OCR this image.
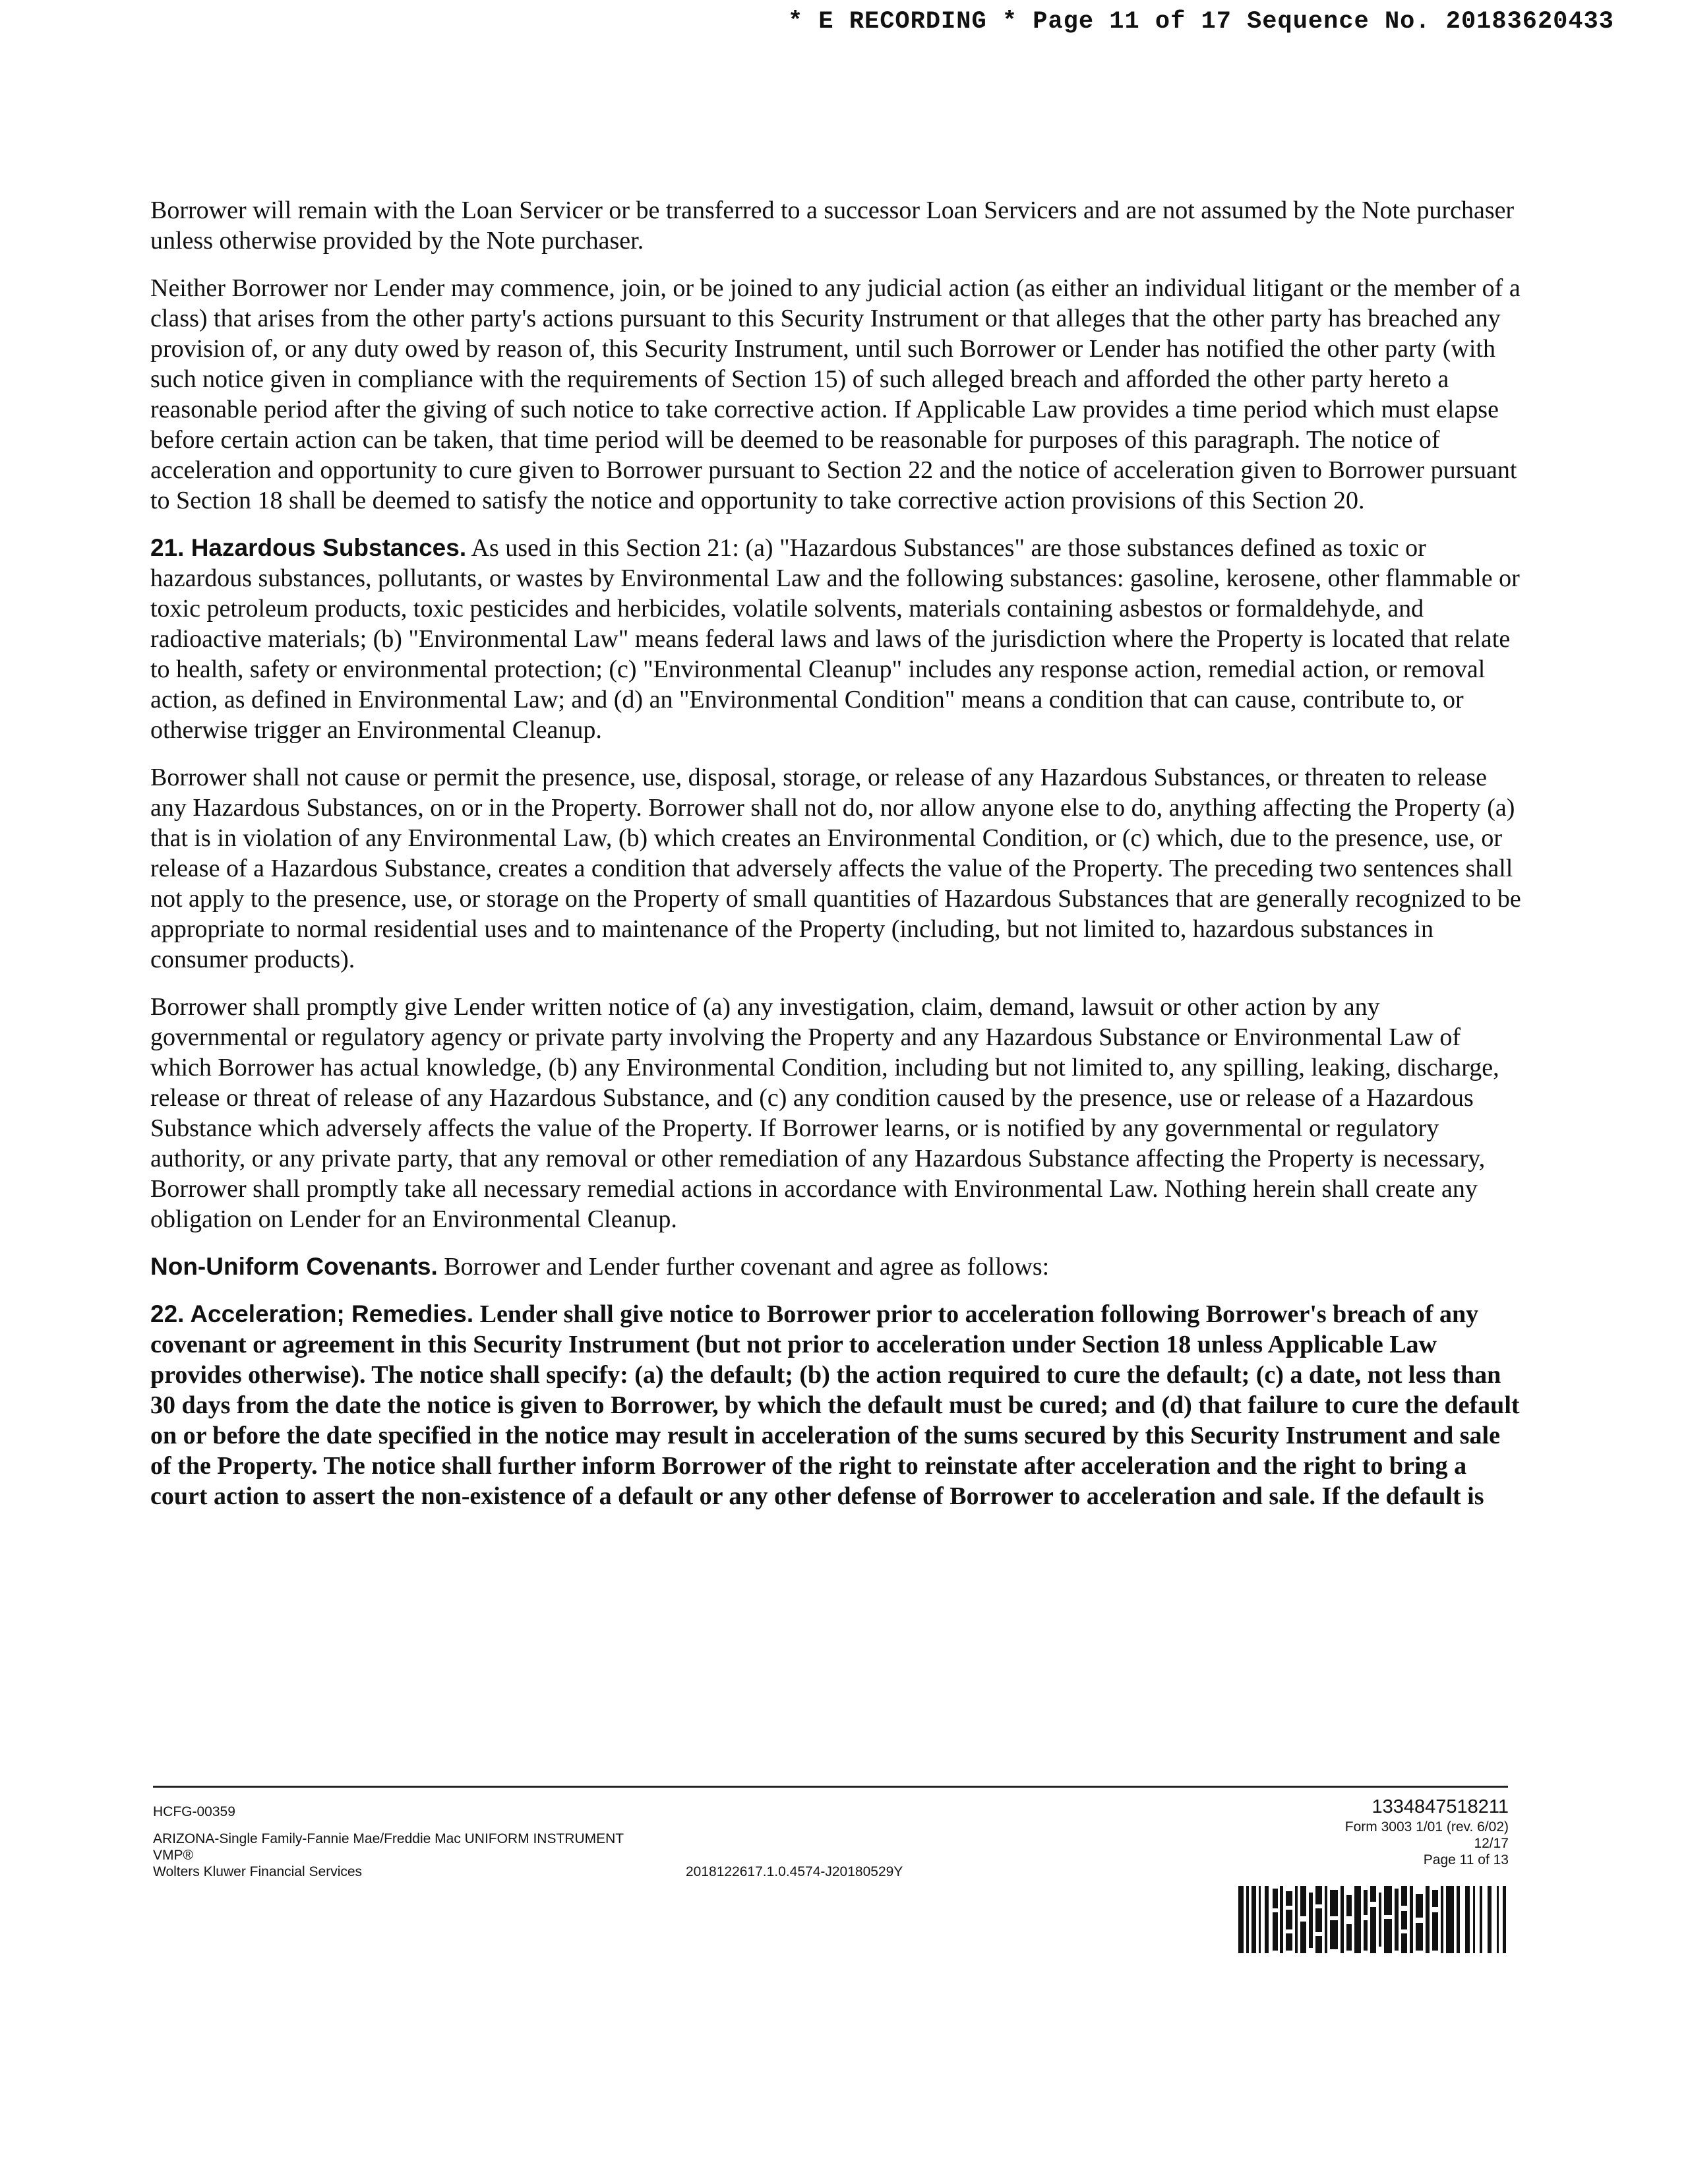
* E RECORDING * Page 11 of 17 Sequence No. 20183620433

Borrower will remain with the Loan Servicer or be transferred to a successor Loan Servicers and are not assumed by the Note purchaser unless otherwise provided by the Note purchaser.

Neither Borrower nor Lender may commence, join, or be joined to any judicial action (as either an individual litigant or the member of a class) that arises from the other party's actions pursuant to this Security Instrument or that alleges that the other party has breached any provision of, or any duty owed by reason of, this Security Instrument, until such Borrower or Lender has notified the other party (with such notice given in compliance with the requirements of Section 15) of such alleged breach and afforded the other party hereto a reasonable period after the giving of such notice to take corrective action. If Applicable Law provides a time period which must elapse before certain action can be taken, that time period will be deemed to be reasonable for purposes of this paragraph. The notice of acceleration and opportunity to cure given to Borrower pursuant to Section 22 and the notice of acceleration given to Borrower pursuant to Section 18 shall be deemed to satisfy the notice and opportunity to take corrective action provisions of this Section 20.

21. Hazardous Substances. As used in this Section 21: (a) "Hazardous Substances" are those substances defined as toxic or hazardous substances, pollutants, or wastes by Environmental Law and the following substances: gasoline, kerosene, other flammable or toxic petroleum products, toxic pesticides and herbicides, volatile solvents, materials containing asbestos or formaldehyde, and radioactive materials; (b) "Environmental Law" means federal laws and laws of the jurisdiction where the Property is located that relate to health, safety or environmental protection; (c) "Environmental Cleanup" includes any response action, remedial action, or removal action, as defined in Environmental Law; and (d) an "Environmental Condition" means a condition that can cause, contribute to, or otherwise trigger an Environmental Cleanup.

Borrower shall not cause or permit the presence, use, disposal, storage, or release of any Hazardous Substances, or threaten to release any Hazardous Substances, on or in the Property. Borrower shall not do, nor allow anyone else to do, anything affecting the Property (a) that is in violation of any Environmental Law, (b) which creates an Environmental Condition, or (c) which, due to the presence, use, or release of a Hazardous Substance, creates a condition that adversely affects the value of the Property. The preceding two sentences shall not apply to the presence, use, or storage on the Property of small quantities of Hazardous Substances that are generally recognized to be appropriate to normal residential uses and to maintenance of the Property (including, but not limited to, hazardous substances in consumer products).

Borrower shall promptly give Lender written notice of (a) any investigation, claim, demand, lawsuit or other action by any governmental or regulatory agency or private party involving the Property and any Hazardous Substance or Environmental Law of which Borrower has actual knowledge, (b) any Environmental Condition, including but not limited to, any spilling, leaking, discharge, release or threat of release of any Hazardous Substance, and (c) any condition caused by the presence, use or release of a Hazardous Substance which adversely affects the value of the Property. If Borrower learns, or is notified by any governmental or regulatory authority, or any private party, that any removal or other remediation of any Hazardous Substance affecting the Property is necessary, Borrower shall promptly take all necessary remedial actions in accordance with Environmental Law. Nothing herein shall create any obligation on Lender for an Environmental Cleanup.

Non-Uniform Covenants. Borrower and Lender further covenant and agree as follows:

22. Acceleration; Remedies. Lender shall give notice to Borrower prior to acceleration following Borrower's breach of any covenant or agreement in this Security Instrument (but not prior to acceleration under Section 18 unless Applicable Law provides otherwise). The notice shall specify: (a) the default; (b) the action required to cure the default; (c) a date, not less than 30 days from the date the notice is given to Borrower, by which the default must be cured; and (d) that failure to cure the default on or before the date specified in the notice may result in acceleration of the sums secured by this Security Instrument and sale of the Property. The notice shall further inform Borrower of the right to reinstate after acceleration and the right to bring a court action to assert the non-existence of a default or any other defense of Borrower to acceleration and sale. If the default is

HCFG-00359
ARIZONA-Single Family-Fannie Mae/Freddie Mac UNIFORM INSTRUMENT
VMP®
Wolters Kluwer Financial Services	2018122617.1.0.4574-J20180529Y
1334847518211
Form 3003 1/01 (rev. 6/02)
12/17
Page 11 of 13
